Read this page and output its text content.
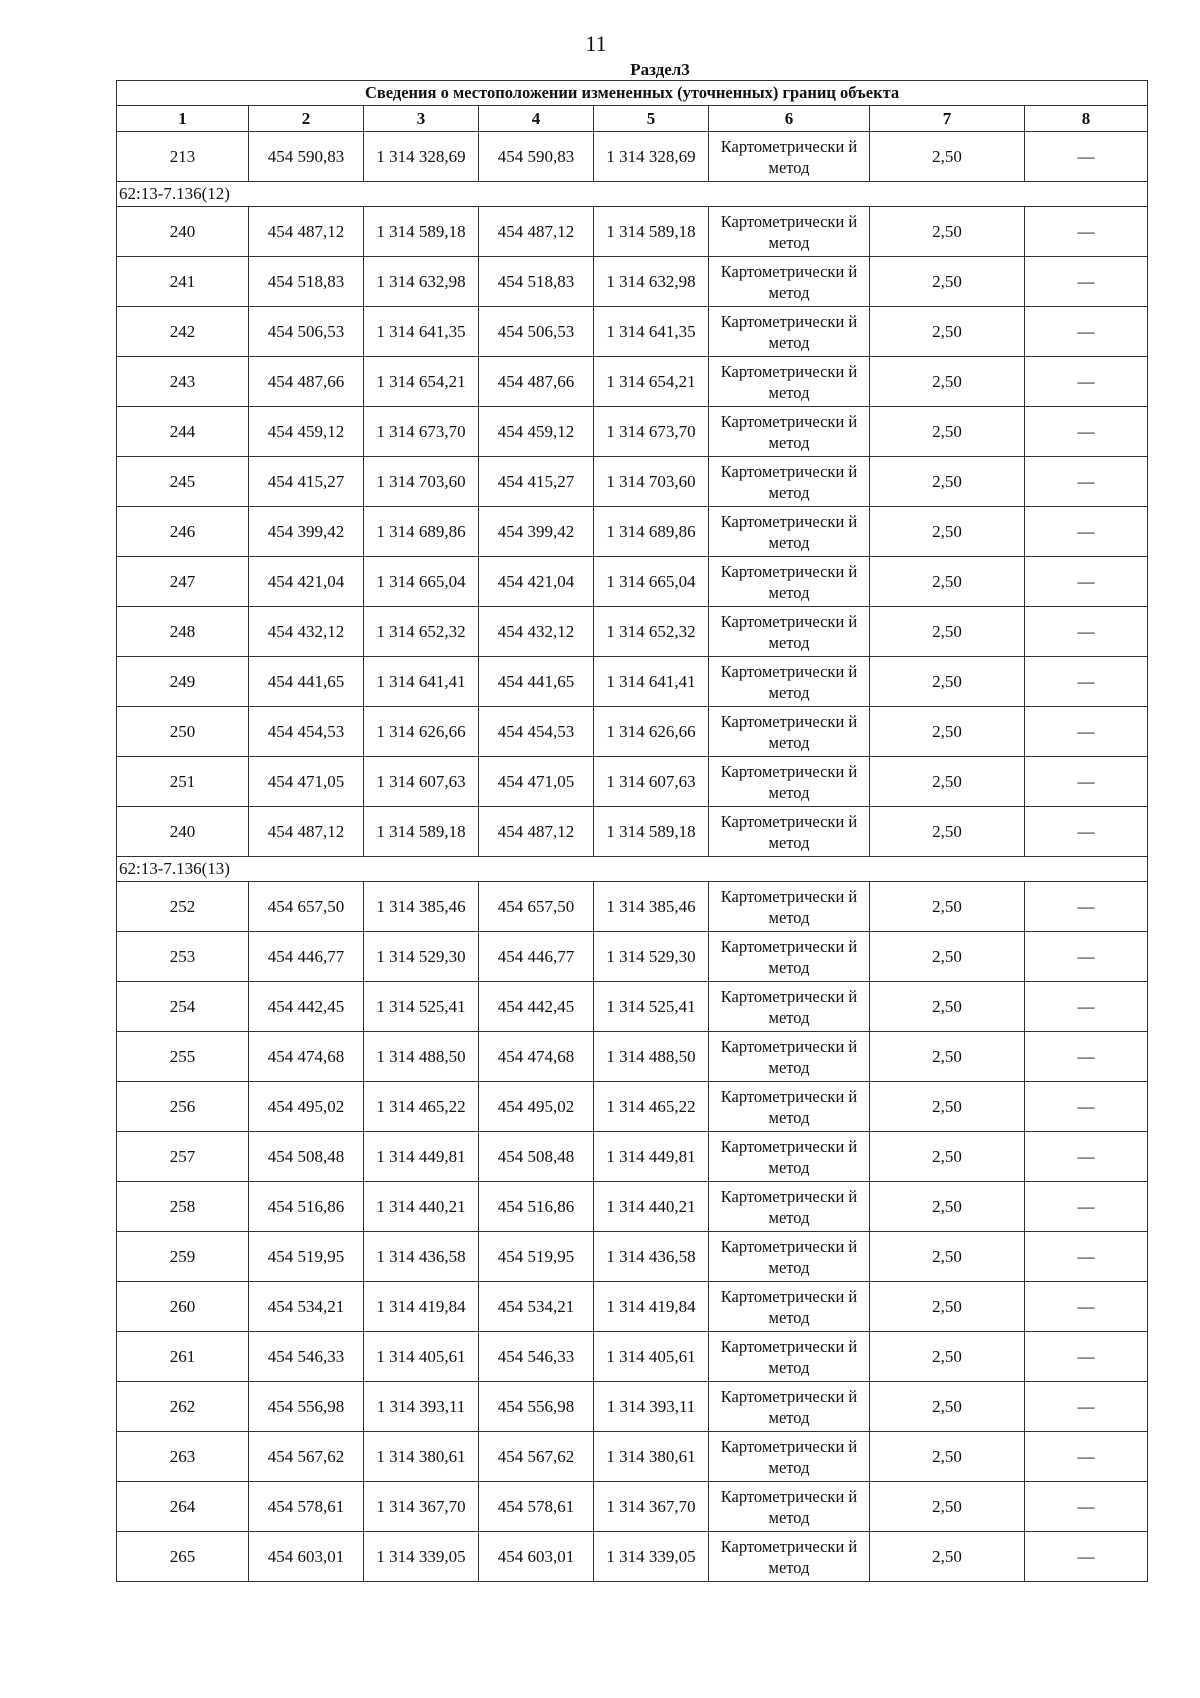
11
Раздел3
Сведения о местоположении измененных (уточненных) границ объекта							
1	2	3	4	5	6	7	8
213	454 590,83	1 314 328,69	454 590,83	1 314 328,69	Картометрически й метод	2,50	—
62:13-7.136(12)							
240	454 487,12	1 314 589,18	454 487,12	1 314 589,18	Картометрически й метод	2,50	—
241	454 518,83	1 314 632,98	454 518,83	1 314 632,98	Картометрически й метод	2,50	—
242	454 506,53	1 314 641,35	454 506,53	1 314 641,35	Картометрически й метод	2,50	—
243	454 487,66	1 314 654,21	454 487,66	1 314 654,21	Картометрически й метод	2,50	—
244	454 459,12	1 314 673,70	454 459,12	1 314 673,70	Картометрически й метод	2,50	—
245	454 415,27	1 314 703,60	454 415,27	1 314 703,60	Картометрически й метод	2,50	—
246	454 399,42	1 314 689,86	454 399,42	1 314 689,86	Картометрически й метод	2,50	—
247	454 421,04	1 314 665,04	454 421,04	1 314 665,04	Картометрически й метод	2,50	—
248	454 432,12	1 314 652,32	454 432,12	1 314 652,32	Картометрически й метод	2,50	—
249	454 441,65	1 314 641,41	454 441,65	1 314 641,41	Картометрически й метод	2,50	—
250	454 454,53	1 314 626,66	454 454,53	1 314 626,66	Картометрически й метод	2,50	—
251	454 471,05	1 314 607,63	454 471,05	1 314 607,63	Картометрически й метод	2,50	—
240	454 487,12	1 314 589,18	454 487,12	1 314 589,18	Картометрически й метод	2,50	—
62:13-7.136(13)							
252	454 657,50	1 314 385,46	454 657,50	1 314 385,46	Картометрически й метод	2,50	—
253	454 446,77	1 314 529,30	454 446,77	1 314 529,30	Картометрически й метод	2,50	—
254	454 442,45	1 314 525,41	454 442,45	1 314 525,41	Картометрически й метод	2,50	—
255	454 474,68	1 314 488,50	454 474,68	1 314 488,50	Картометрически й метод	2,50	—
256	454 495,02	1 314 465,22	454 495,02	1 314 465,22	Картометрически й метод	2,50	—
257	454 508,48	1 314 449,81	454 508,48	1 314 449,81	Картометрически й метод	2,50	—
258	454 516,86	1 314 440,21	454 516,86	1 314 440,21	Картометрически й метод	2,50	—
259	454 519,95	1 314 436,58	454 519,95	1 314 436,58	Картометрически й метод	2,50	—
260	454 534,21	1 314 419,84	454 534,21	1 314 419,84	Картометрически й метод	2,50	—
261	454 546,33	1 314 405,61	454 546,33	1 314 405,61	Картометрически й метод	2,50	—
262	454 556,98	1 314 393,11	454 556,98	1 314 393,11	Картометрически й метод	2,50	—
263	454 567,62	1 314 380,61	454 567,62	1 314 380,61	Картометрически й метод	2,50	—
264	454 578,61	1 314 367,70	454 578,61	1 314 367,70	Картометрически й метод	2,50	—
265	454 603,01	1 314 339,05	454 603,01	1 314 339,05	Картометрически й метод	2,50	—
